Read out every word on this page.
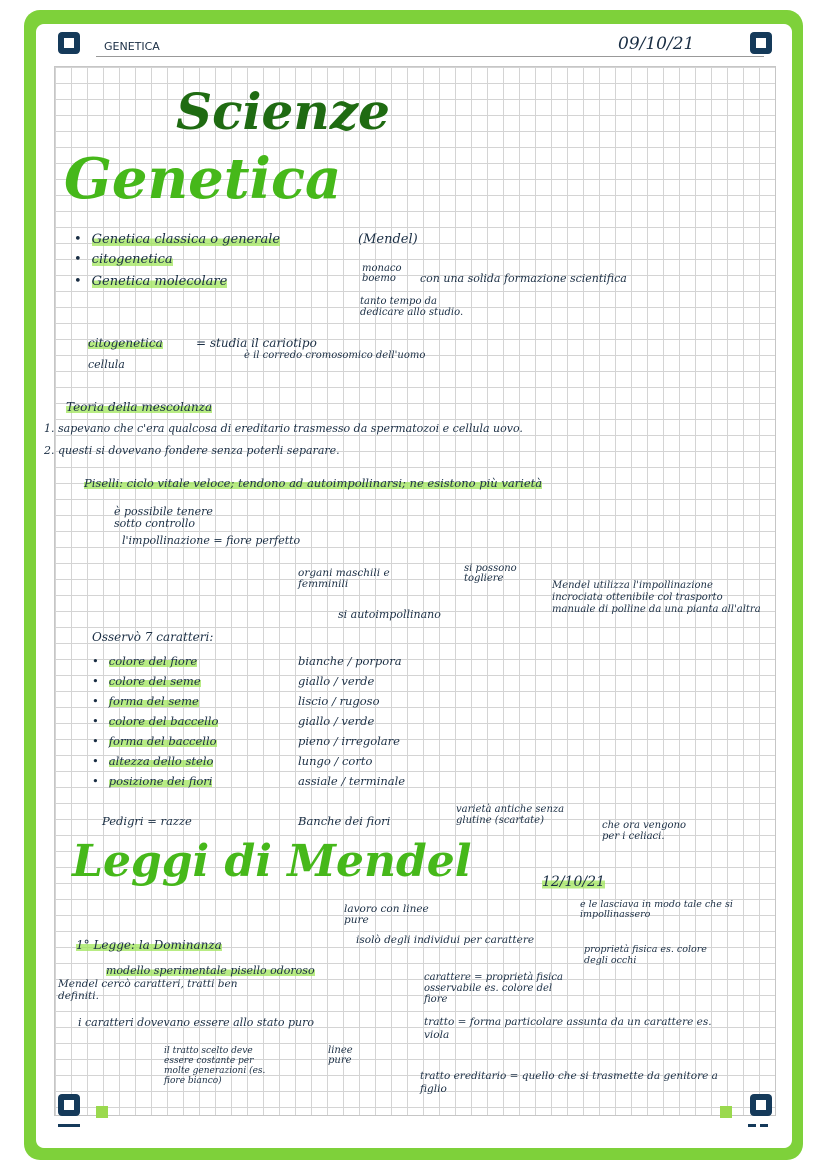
GENETICA	09/10/21
Scienze
Genetica
• Genetica classica o generale	(Mendel)
• citogenetica
• Genetica molecolare
monaco boemo	con una solida formazione scientifica
tanto tempo da dedicare allo studio.
citogenetica	= studia il cariotipo
cellula
è il corredo cromosomico dell'uomo
Teoria della mescolanza
1. sapevano che c'era qualcosa di ereditario trasmesso da spermatozoi e cellula uovo.
2. questi si dovevano fondere senza poterli separare.
Piselli: ciclo vitale veloce; tendono ad autoimpollinarsi; ne esistono più varietà
è possibile tenere sotto controllo
l'impollinazione = fiore perfetto
organi maschili e femminili
si possono togliere
si autoimpollinano
Mendel utilizza l'impollinazione incrociata ottenibile col trasporto manuale di polline da una pianta all'altra
Osservò 7 caratteri:
• colore del fiore	bianche / porpora
• colore del seme	giallo / verde
• forma del seme	liscio / rugoso
• colore del baccello	giallo / verde
• forma del baccello	pieno / irregolare
• altezza dello stelo	lungo / corto
• posizione dei fiori	assiale / terminale
Pedigri = razze	Banche dei fiori
varietà antiche senza glutine (scartate)	che ora vengono per i celiaci.
Leggi di Mendel	12/10/21
lavoro con linee pure
e le lasciava in modo tale che si impollinassero
isolò degli individui per carattere
1° Legge: la Dominanza
modello sperimentale pisello odoroso
proprietà fisica es. colore degli occhi
Mendel cercò caratteri, tratti ben definiti.
carattere = proprietà fisica osservabile es. colore del fiore
i caratteri dovevano essere allo stato puro	tratto = forma particolare assunta da un carattere es. viola
il tratto scelto deve essere costante per molte generazioni (es. fiore bianco)
linee pure
tratto ereditario = quello che si trasmette da genitore a figlio
